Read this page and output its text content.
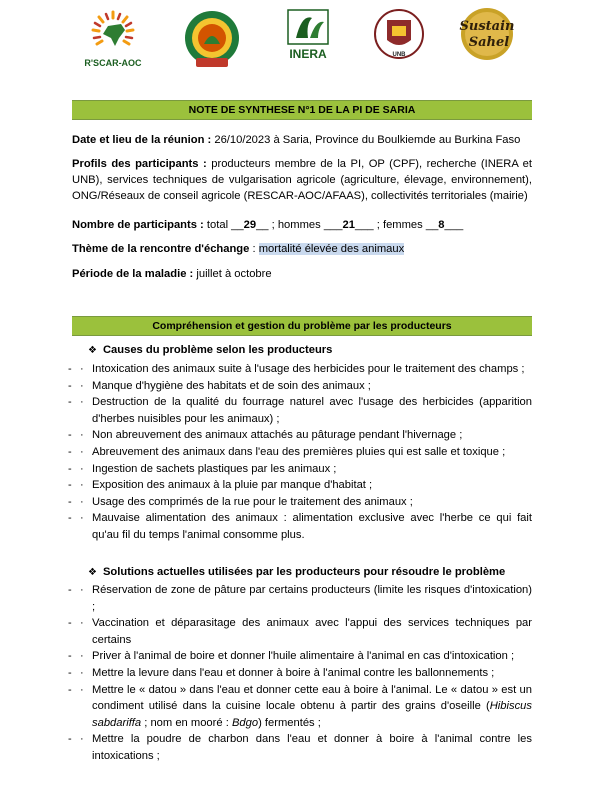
R'SCAR-AOC
INERA	UNB
Sustain
Sahel
NOTE DE SYNTHESE N°1 DE LA PI DE SARIA
Date et lieu de la réunion : 26/10/2023 à Saria, Province du Boulkiemde au Burkina Faso
Profils des participants : producteurs membre de la PI, OP (CPF), recherche (INERA et UNB), services techniques de vulgarisation agricole (agriculture, élevage, environnement), ONG/Réseaux de conseil agricole (RESCAR-AOC/AFAAS), collectivités territoriales (mairie)
Nombre de participants : total __29__ ; hommes ___21___ ; femmes __8___
Thème de la rencontre d'échange : mortalité élevée des animaux
Période de la maladie : juillet à octobre
Compréhension et gestion du problème par les producteurs
❖ Causes du problème selon les producteurs
- · Intoxication des animaux suite à l'usage des herbicides pour le traitement des champs ;
- · Manque d'hygiène des habitats et de soin des animaux ;
- · Destruction de la qualité du fourrage naturel avec l'usage des herbicides (apparition d'herbes nuisibles pour les animaux) ;
- · Non abreuvement des animaux attachés au pâturage pendant l'hivernage ;
- · Abreuvement des animaux dans l'eau des premières pluies qui est salle et toxique ;
- · Ingestion de sachets plastiques par les animaux ;
- · Exposition des animaux à la pluie par manque d'habitat ;
- · Usage des comprimés de la rue pour le traitement des animaux ;
- · Mauvaise alimentation des animaux : alimentation exclusive avec l'herbe ce qui fait qu'au fil du temps l'animal consomme plus.
❖ Solutions actuelles utilisées par les producteurs pour résoudre le problème
- · Réservation de zone de pâture par certains producteurs (limite les risques d'intoxication) ;
- · Vaccination et déparasitage des animaux avec l'appui des services techniques par certains
- · Priver à l'animal de boire et donner l'huile alimentaire à l'animal en cas d'intoxication ;
- · Mettre la levure dans l'eau et donner à boire à l'animal contre les ballonnements ;
- · Mettre le « datou » dans l'eau et donner cette eau à boire à l'animal. Le « datou » est un condiment utilisé dans la cuisine locale obtenu à partir des grains d'oseille (Hibiscus sabdariffa ; nom en mooré : Bdgo) fermentés ;
- · Mettre la poudre de charbon dans l'eau et donner à boire à l'animal contre les intoxications ;
